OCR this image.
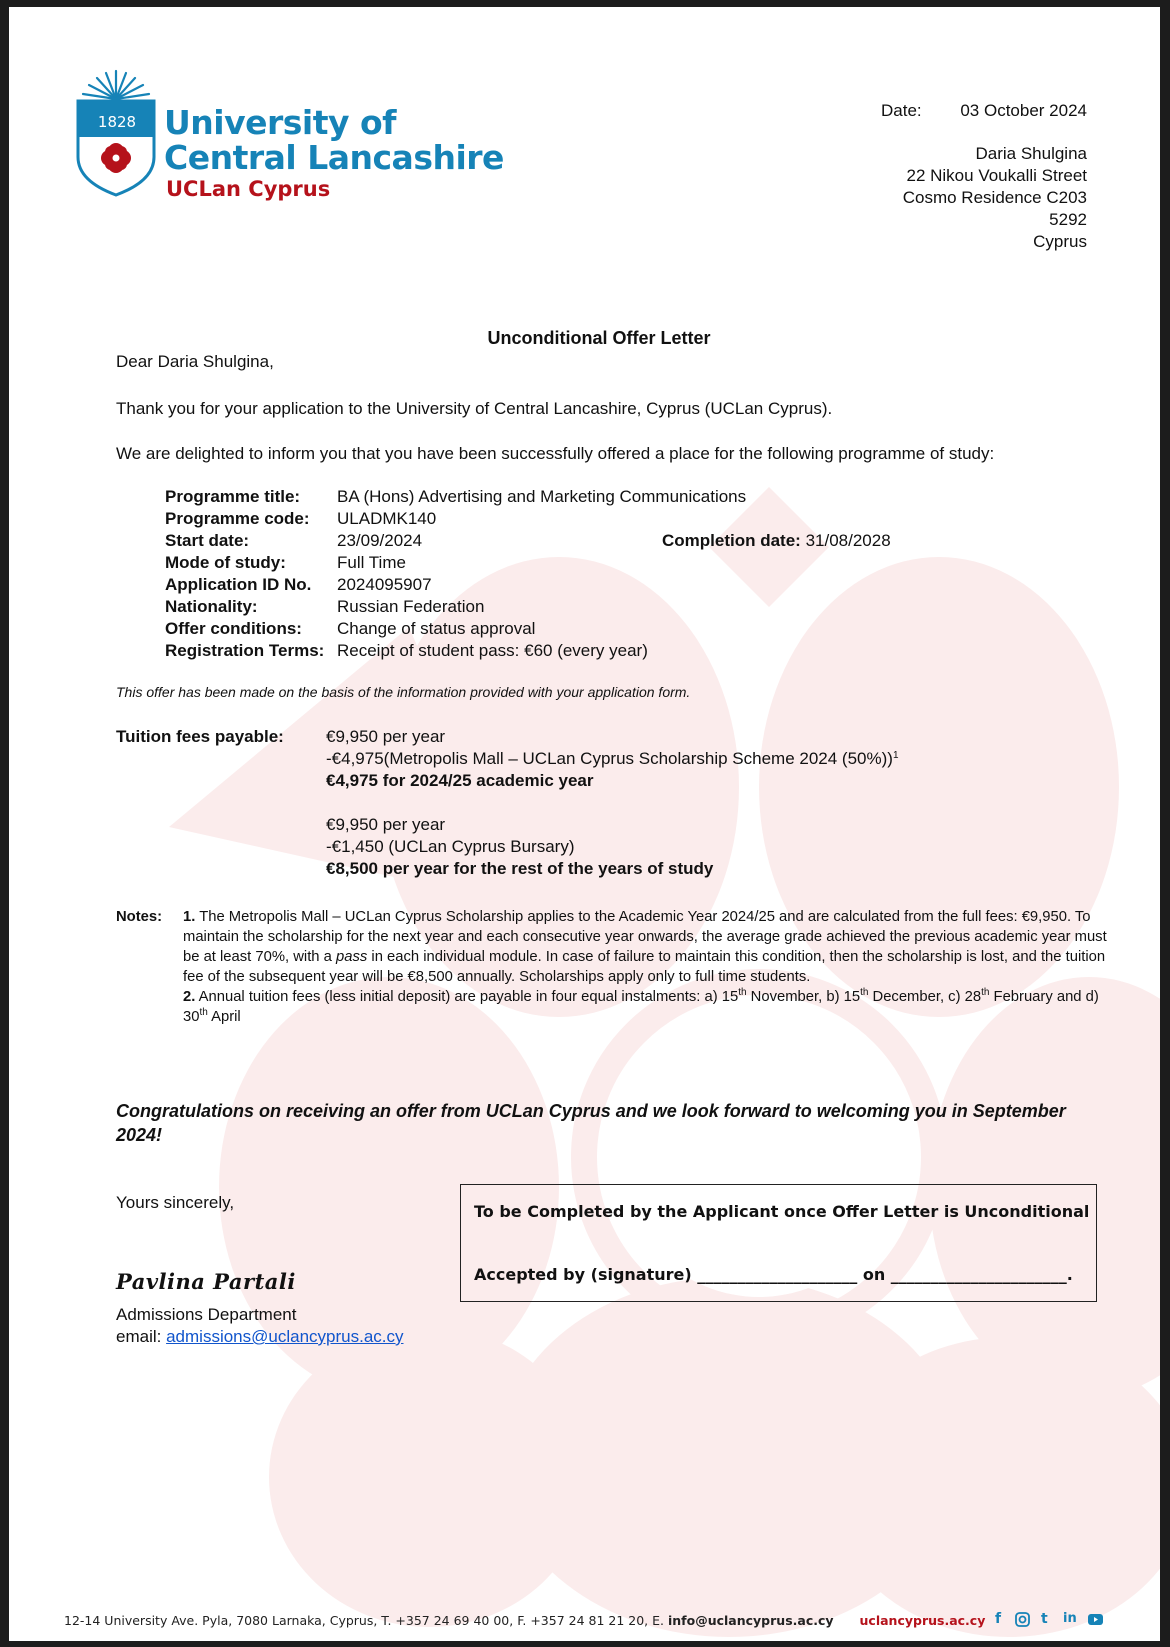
1828 University of
Central Lancashire
UCLan Cyprus
Date:	03 October 2024
Daria Shulgina
22 Nikou Voukalli Street
Cosmo Residence C203
5292
Cyprus
Unconditional Offer Letter
Dear Daria Shulgina,
Thank you for your application to the University of Central Lancashire, Cyprus (UCLan Cyprus).
We are delighted to inform you that you have been successfully offered a place for the following programme of study:
Programme title: BA (Hons) Advertising and Marketing Communications
Programme code: ULADMK140
Start date:	23/09/2024
Mode of study:	Full Time
Application ID No. 2024095907
Nationality:	Russian Federation
Offer conditions: Change of status approval
Registration Terms: Receipt of student pass: €60 (every year)
Completion date: 31/08/2028
This offer has been made on the basis of the information provided with your application form.
Tuition fees payable: €9,950 per year
-€4,975(Metropolis Mall – UCLan Cyprus Scholarship Scheme 2024 (50%))$^1$
€4,975 for 2024/25 academic year
€9,950 per year
-€1,450 (UCLan Cyprus Bursary)
€8,500 per year for the rest of the years of study
Notes: 1. The Metropolis Mall – UCLan Cyprus Scholarship applies to the Academic Year 2024/25 and are calculated from the full fees: €9,950. To
maintain the scholarship for the next year and each consecutive year onwards, the average grade achieved the previous academic year must
be at least 70%, with a pass in each individual module. In case of failure to maintain this condition, then the scholarship is lost, and the tuition
fee of the subsequent year will be €8,500 annually. Scholarships apply only to full time students.
2. Annual tuition fees (less initial deposit) are payable in four equal instalments: a) 15th November, b) 15th December, c) 28th February and d)
30th April
Congratulations on receiving an offer from UCLan Cyprus and we look forward to welcoming you in September
2024!
Yours sincerely,
Pavlina Partali
Admissions Department
email: admissions@uclancyprus.ac.cy
To be Completed by the Applicant once Offer Letter is Unconditional
Accepted by (signature) ____________________ on ______________________.
12-14 University Ave. Pyla, 7080 Larnaka, Cyprus, T. +357 24 69 40 00, F. +357 24 81 21 20, E. info@uclancyprus.ac.cy uclancyprus.ac.cy f	t in
